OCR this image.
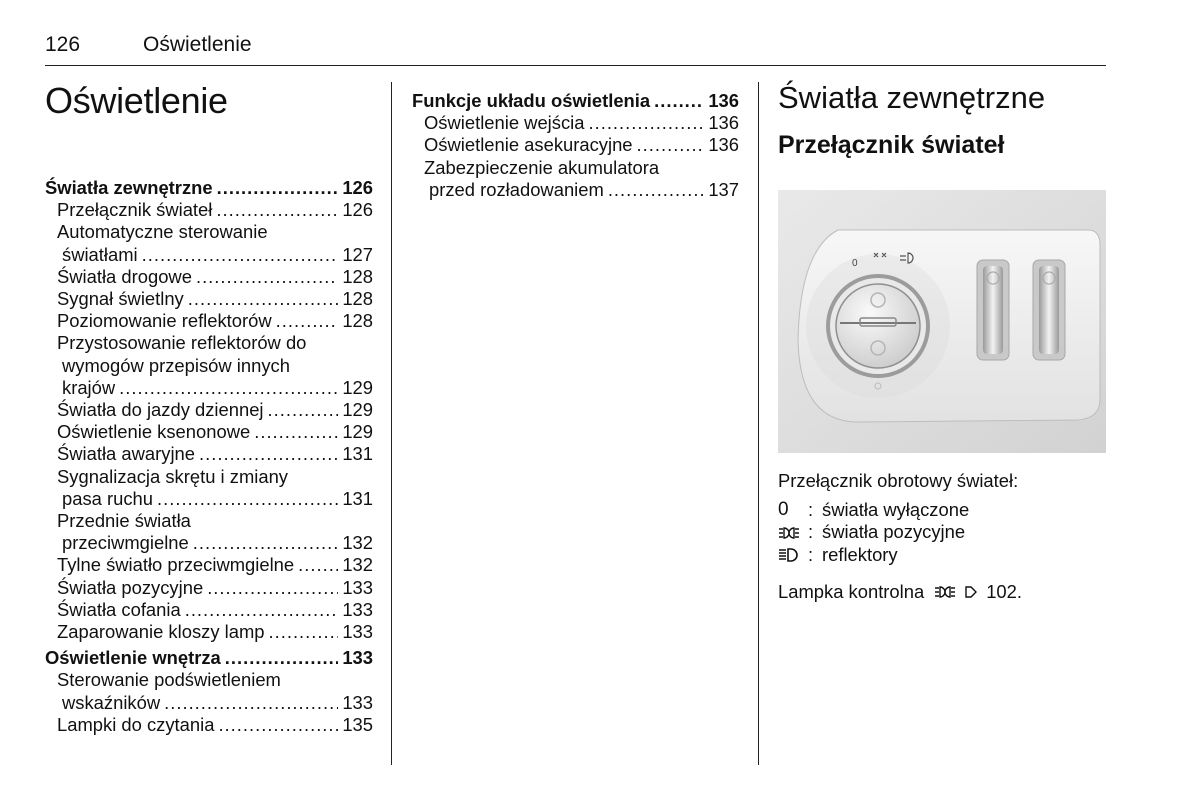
126	Oświetlenie
Oświetlenie
Światła zewnętrzne .....	126
Przełącznik świateł .....	126
Automatyczne sterowanie
światłami .....	127
Światła drogowe .....	128
Sygnał świetlny .....	128
Poziomowanie reflektorów .....	128
Przystosowanie reflektorów do
wymogów przepisów innych
krajów .....	129
Światła do jazdy dziennej .....	129
Oświetlenie ksenonowe .....	129
Światła awaryjne .....	131
Sygnalizacja skrętu i zmiany
pasa ruchu .....	131
Przednie światła
przeciwmgielne .....	132
Tylne światło przeciwmgielne .....	132
Światła pozycyjne .....	133
Światła cofania .....	133
Zaparowanie kloszy lamp .....	133
Oświetlenie wnętrza .....	133
Sterowanie podświetleniem
wskaźników .....	133
Lampki do czytania .....	135
Funkcje układu oświetlenia .....	136
Oświetlenie wejścia .....	136
Oświetlenie asekuracyjne .....	136
Zabezpieczenie akumulatora
przed rozładowaniem .....	137
Światła zewnętrzne
Przełącznik świateł
0
Przełącznik obrotowy świateł:
0	: światła wyłączone
: światła pozycyjne
: reflektory
Lampka kontrolna	102.
